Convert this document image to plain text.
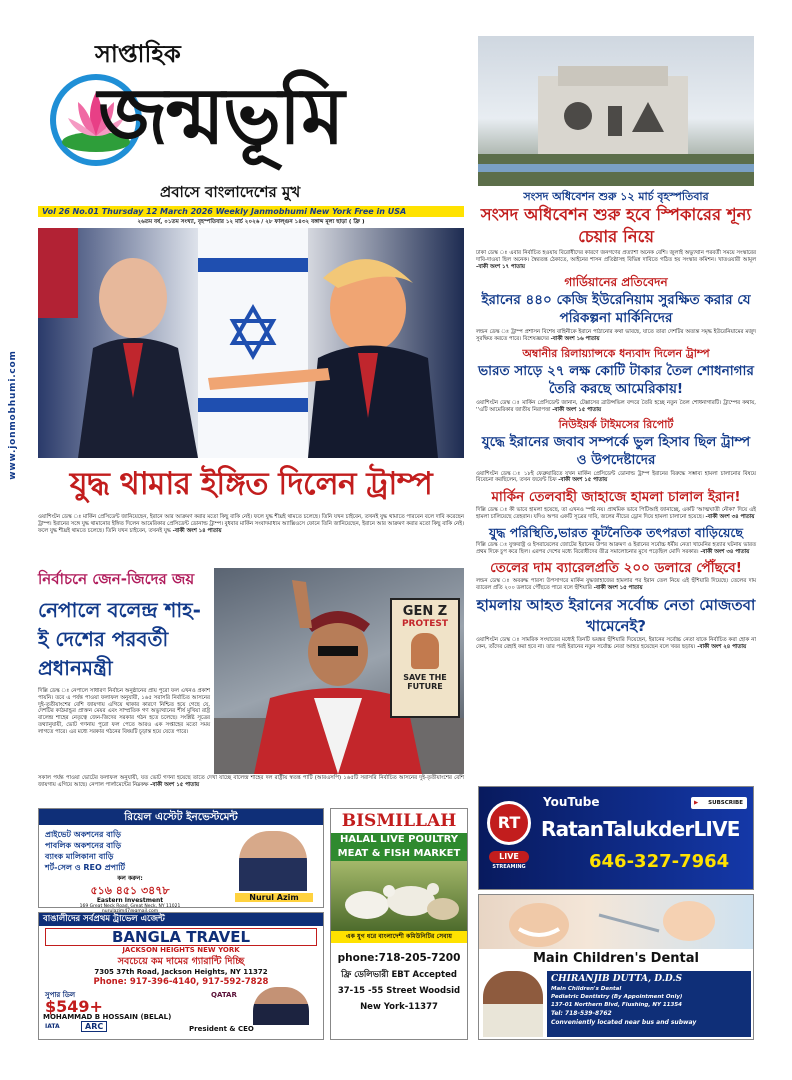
সাপ্তাহিক
জন্মভূমি
প্রবাসে বাংলাদেশের মুখ
Vol 26 No.01 Thursday 12 March 2026 Weekly Janmobhumi New York Free in USA
২৬তম বর্ষ, ০১তম সংখ্যা, বৃহস্পতিবার ১২ মার্চ ২০২৬ / ২৮ ফাল্গুন ১৪৩২ বঙ্গাব্দ মূল্য ছাড়া ( ফ্রি )
www.jonmobhumi.com
যুদ্ধ থামার ইঙ্গিত দিলেন ট্রাম্প
ওয়াশিংটন ডেস্ক ঃ মার্কিন প্রেসিডেন্ট জানিয়েছেন, ইরানে আর আক্রমণ করার মতো কিছু বাকি নেই। ফলে যুদ্ধ শীঘ্রই থামতে চলেছে। তিনি যখন চাইবেন, তখনই যুদ্ধ থামাতে পারবেন বলে দাবি করেছেন ট্রাম্প। ইরানের সঙ্গে যুদ্ধ থামানোর ইঙ্গিত দিলেন আমেরিকার প্রেসিডেন্ট ডোনাল্ড ট্রাম্প। বুধবার মার্কিন সংবাদমাধ্যম অ্যাক্সিওসে ফোনে তিনি জানিয়েছেন, ইরানে আর আক্রমণ করার মতো কিছু বাকি নেই। ফলে যুদ্ধ শীঘ্রই থামতে চলেছে। তিনি যখন চাইবেন, তখনই যুদ্ধ -বাকী অংশ ১৪ পাতায়
নির্বাচনে জেন-জিদের জয়
নেপালে বলেন্দ্র শাহ-
ই দেশের পরবর্তী
প্রধানমন্ত্রী
দিল্লি ডেস্ক ঃ নেপালে সাধারণ নির্বাচন অনুষ্ঠানের প্রায় পুরো ফল এখনও প্রকাশ পায়নি। তবে এ পর্যন্ত পাওয়া ফলাফল অনুযায়ী, ১৬৫ সরাসরি নির্বাচিত আসনের দুই-তৃতীয়াংশের বেশি জায়গায় এগিয়ে থাকার কারণে নিশ্চিত হয়ে গেছে যে, দেশটির কাঠমান্ডুর প্রাক্তন মেয়র এবং সাম্প্রতিক গণ অভ্যুত্থানের শীর্ষ মুখিয়া রাষ্ট্র বালেন্দ্র শাহের নেতৃত্বে জেন-জিদের সরকার গঠন হতে চলেছে। সংশ্লিষ্ট সূত্রের তথ্যানুযায়ী, ভোট গণনায় পুরো ফল পেতে আরও এক সপ্তাহের মতো সময় লাগতে পারে। এর মধ্যে সরকার গঠনের বিষয়টি চূড়ান্ত হয়ে যেতে পারে।
GEN Z
PROTEST
SAVE THE
FUTURE
সকাল পর্যন্ত পাওয়া ভোটের ফলাফল অনুযায়ী, যত ভোট গণনা হয়েছে তাতে দেখা যাচ্ছে বালেন্দ্র শাহের দল রাষ্ট্রীয় স্বতন্ত্র পার্টি (আরএসপি) ১৬৫টি সরাসরি নির্বাচিত আসনের দুই-তৃতীয়াংশের বেশি জায়গায় এগিয়ে আছে। নেপাল পার্লামেন্টের নিম্নকক্ষ -বাকী অংশ ১৫ পাতায়
সংসদ অধিবেশন শুরু ১২ মার্চ বৃহস্পতিবার
সংসদ অধিবেশন শুরু হবে স্পিকারের শূন্য চেয়ার নিয়ে
ঢাকা ডেস্ক ঃ এবার নির্বাচিত হওয়ায় বিরোধীদের কারণে জনগণের প্রত্যাশা অনেক বেশি। জুলাই অভ্যুত্থান পরবর্তী সময়ে সংস্কারের দাবি-দাওয়া ছিল অনেক। স্বৈরতন্ত্র ঠেকাতে, আইনের শাসন প্রতিষ্ঠাসহ বিভিন্ন দাবিতে গঠিত হয় সংস্কার কমিশন। খাতওয়ারী আমূল -বাকী অংশ ১৭ পাতায়
গার্ডিয়ানের প্রতিবেদন
ইরানের ৪৪০ কেজি ইউরেনিয়াম সুরক্ষিত করার যে পরিকল্পনা মার্কিনিদের
লন্ডন ডেস্ক ঃ ট্রাম্প প্রশাসন বিশেষ বাহিনীকে ইরানে পাঠানোর কথা ভাবছে, যাতে তারা দেশটির অত্যন্ত সমৃদ্ধ ইউরেনিয়ামের মজুদ সুরক্ষিত করতে পারে। বিশেষজ্ঞদের -বাকী অংশ ১৬ পাতায়
অম্বানীর রিলায়্যান্সকে ধন্যবাদ দিলেন ট্রাম্প
ভারত সাড়ে ২৭ লক্ষ কোটি টাকার তৈল শোধনাগার তৈরি করছে আমেরিকায়!
ওয়াশিংটন ডেস্ক ঃ মার্কিন প্রেসিডেন্ট জানান, টেক্সাসের ব্রাউন্সভিল বন্দরে তৈরি হচ্ছে নতুন তৈল শোধনাগারটি। ট্রাম্পের কথায়, ''এটি আমেরিকার জাতীয় নিরাপত্তা -বাকী অংশ ১৫ পাতায়
নিউইয়র্ক টাইমসের রিপোর্ট
যুদ্ধে ইরানের জবাব সম্পর্কে ভুল হিসাব ছিল ট্রাম্প ও উপদেষ্টাদের
ওয়াশিংটন ডেস্ক ঃ ১৮ই ফেব্রুয়ারিতে যখন মার্কিন প্রেসিডেন্ট ডোনাল্ড ট্রাম্প ইরানের বিরুদ্ধে সম্ভাব্য হামলা চালানোর বিষয়ে বিবেচনা করছিলেন, তখন জয়েন্ট চিফ -বাকী অংশ ১৫ পাতায়
মার্কিন তেলবাহী জাহাজে হামলা চালাল ইরান!
দিল্লি ডেস্ক ঃ কী ভাবে হামলা হয়েছে, তা এখনও স্পষ্ট নয়। প্রাথমিক ভাবে পিটিআই জানাচ্ছে, একটি 'আত্মঘাতী নৌকা' দিয়ে এই হামলা চালিয়েছে তেহরান। যদিও অপর একটি সূত্রের দাবি, জলের নীচের ড্রোন দিয়ে হামলা চালানো হয়েছে। -বাকী অংশ ৩৪ পাতায়
যুদ্ধ পরিস্থিতি,ভারত কূটনৈতিক তৎপরতা বাড়িয়েছে
দিল্লি ডেস্ক ঃ যুক্তরাষ্ট্র ও ইসরায়েলের জোটের ইরানের উপর আক্রমণ ও ইরানের সর্বোচ্চ ধর্মীয় নেতা খামেনির হত্যার ঘটনায় ভারত প্রথম দিকে চুপ করে ছিল। এরপর দেশের মধ্যে বিরোধীদের তীব্র সমালোচনার মুখে পড়েছিল মোদি সরকার। -বাকী অংশ ৩৪ পাতায়
তেলের দাম ব্যারেলপ্রতি ২০০ ডলারে পৌঁছবে!
লন্ডন ডেস্ক ঃ অবরুদ্ধ পারস্য উপসাগরে মার্কিন যুদ্ধজাহাজের হামলার পর ইরান তেল নিয়ে এই হুঁশিয়ারি দিয়েছে। তেলের দাম ব্যারেল প্রতি ২০০ ডলারে পৌঁছতে পারে বলে হুঁশিয়ারি -বাকী অংশ ১৫ পাতায়
হামলায় আহত ইরানের সর্বোচ্চ নেতা মোজতবা খামেনেই?
ওয়াশিংটন ডেস্ক ঃ সামরিক সংঘাতের মধ্যেই তিনটি ভয়ঙ্কর হুঁশিয়ারি দিয়েছেন, ইরানের সর্বোচ্চ নেতা যাকে নির্বাচিত করা হোক না কেন, তাঁদের রেহাই করা হবে না। তার পরই ইরানের নতুন সর্বোচ্চ নেতা আহত হয়েছেন বলে খবর ছড়ায়। -বাকী অংশ ২৪ পাতায়
রিয়েল এস্টেট ইনভেস্টমেন্ট
প্রাইভেট অকশনের বাড়ি
পাবলিক অকশনের বাড়ি
ব্যাংক মালিকানা বাড়ি
শর্ট-সেল ও REO প্রপার্টি
কল করুন:
৫১৬ ৪৫১ ৩৪৭৮
Eastern Investment
169 Great Neck Road, Great Neck, NY 11021
Nurul Azim
বাঙালীদের সর্বপ্রথম ট্রাভেল এজেন্ট
BANGLA TRAVEL
JACKSON HEIGHTS NEW YORK
সবচেয়ে কম দামের গ্যারান্টি দিচ্ছি
7305 37th Road, Jackson Heights, NY 11372
Phone: 917-396-4140, 917-592-7828
সুপার ডিল
$549+
QATAR
IATA	ARC
MOHAMMAD B HOSSAIN (BELAL)
President & CEO
BISMILLAH
HALAL LIVE POULTRY
MEAT & FISH MARKET
এক যুগ ধরে বাংলাদেশী কমিউনিটির সেবায়
phone:718-205-7200
ফ্রি ডেলিভারী EBT Accepted
37-15 -55 Street Woodsid
New York-11377
RT
LIVE
STREAMING
YouTube	▶ SUBSCRIBE
RatanTalukderLIVE
646-327-7964
Main Children's Dental
CHIRANJIB DUTTA, D.D.S
Main Children's Dental
Pediatric Dentistry (By Appointment Only)
137-01 Northern Blvd, Flushing, NY 11354
Tel: 718-539-8762
Conveniently located near bus and subway
